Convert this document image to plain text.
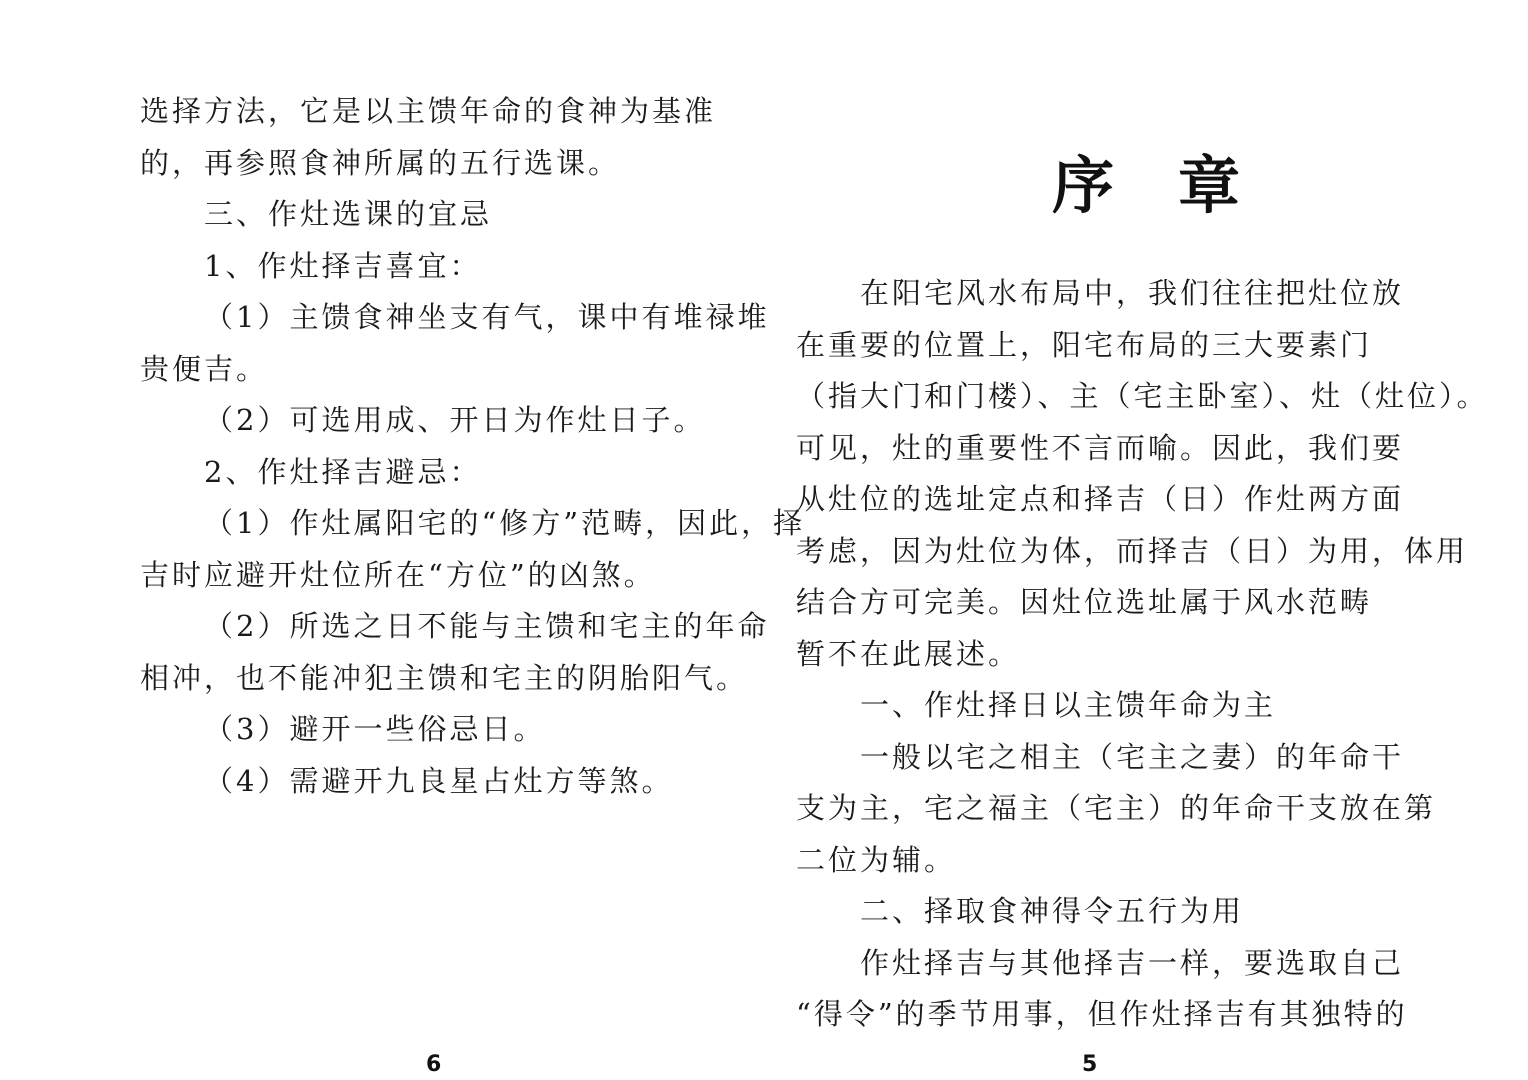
选择方法，它是以主馈年命的食神为基准
的，再参照食神所属的五行选课。
三、作灶选课的宜忌
1、作灶择吉喜宜：
（1）主馈食神坐支有气，课中有堆禄堆
贵便吉。
（2）可选用成、开日为作灶日子。
2、作灶择吉避忌：
（1）作灶属阳宅的“修方”范畴，因此，择
吉时应避开灶位所在“方位”的凶煞。
（2）所选之日不能与主馈和宅主的年命
相冲，也不能冲犯主馈和宅主的阴胎阳气。
（3）避开一些俗忌日。
（4）需避开九良星占灶方等煞。
6
序章
在阳宅风水布局中，我们往往把灶位放
在重要的位置上，阳宅布局的三大要素门
（指大门和门楼）、主（宅主卧室）、灶（灶位）。
可见，灶的重要性不言而喻。因此，我们要
从灶位的选址定点和择吉（日）作灶两方面
考虑，因为灶位为体，而择吉（日）为用，体用
结合方可完美。因灶位选址属于风水范畴
暂不在此展述。
一、作灶择日以主馈年命为主
一般以宅之相主（宅主之妻）的年命干
支为主，宅之福主（宅主）的年命干支放在第
二位为辅。
二、择取食神得令五行为用
作灶择吉与其他择吉一样，要选取自己
“得令”的季节用事，但作灶择吉有其独特的
5
